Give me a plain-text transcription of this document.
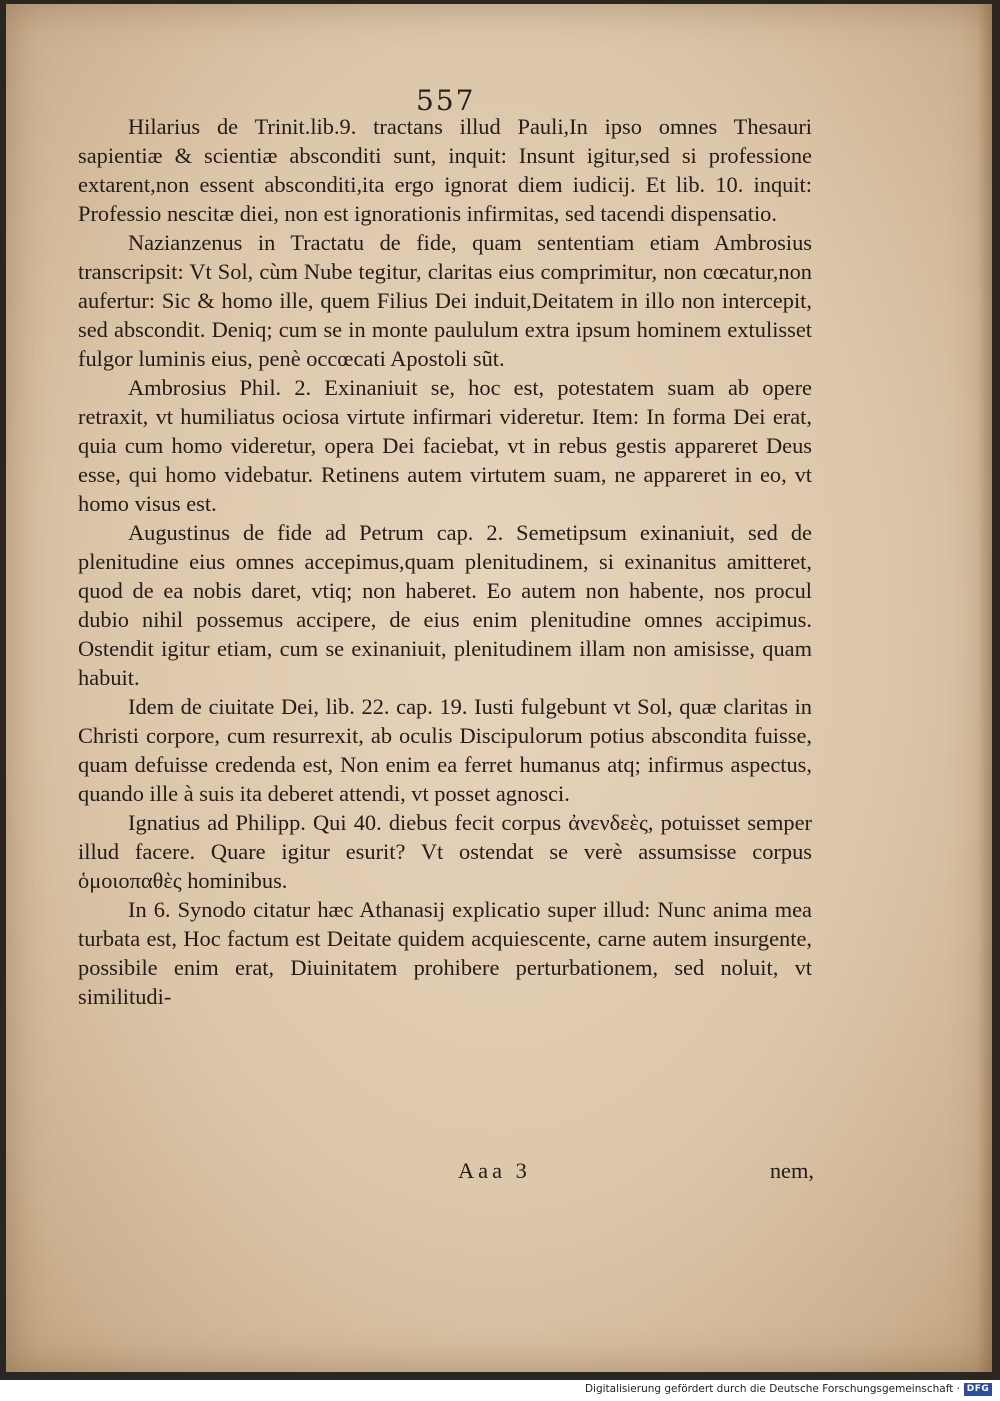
557

Hilarius de Trinit.lib.9. tractans illud Pauli,In ipso omnes Thesauri sapientiæ & scientiæ absconditi sunt, inquit: Insunt igitur,sed si professione extarent,non essent absconditi,ita ergo ignorat diem iudicij. Et lib. 10. inquit: Professio nescitæ diei, non est ignorationis infirmitas, sed tacendi dispensatio.

Nazianzenus in Tractatu de fide, quam sententiam etiam Ambrosius transcripsit: Vt Sol, cùm Nube tegitur, claritas eius comprimitur, non cœcatur,non aufertur: Sic & homo ille, quem Filius Dei induit,Deitatem in illo non intercepit, sed abscondit. Deniq; cum se in monte paululum extra ipsum hominem extulisset fulgor luminis eius, penè occœcati Apostoli sũt.

Ambrosius Phil. 2. Exinaniuit se, hoc est, potestatem suam ab opere retraxit, vt humiliatus ociosa virtute infirmari videretur. Item: In forma Dei erat, quia cum homo videretur, opera Dei faciebat, vt in rebus gestis appareret Deus esse, qui homo videbatur. Retinens autem virtutem suam, ne appareret in eo, vt homo visus est.

Augustinus de fide ad Petrum cap. 2. Semetipsum exinaniuit, sed de plenitudine eius omnes accepimus,quam plenitudinem, si exinanitus amitteret, quod de ea nobis daret, vtiq; non haberet. Eo autem non habente, nos procul dubio nihil possemus accipere, de eius enim plenitudine omnes accipimus. Ostendit igitur etiam, cum se exinaniuit, plenitudinem illam non amisisse, quam habuit.

Idem de ciuitate Dei, lib. 22. cap. 19. Iusti fulgebunt vt Sol, quæ claritas in Christi corpore, cum resurrexit, ab oculis Discipulorum potius abscondita fuisse, quam defuisse credenda est, Non enim ea ferret humanus atq; infirmus aspectus, quando ille à suis ita deberet attendi, vt posset agnosci.

Ignatius ad Philipp. Qui 40. diebus fecit corpus ἀνενδεὲς, potuisset semper illud facere. Quare igitur esurit? Vt ostendat se verè assumsisse corpus ὁμοιοπαθὲς hominibus.

In 6. Synodo citatur hæc Athanasij explicatio super illud: Nunc anima mea turbata est, Hoc factum est Deitate quidem acquiescente, carne autem insurgente, possibile enim erat, Diuinitatem prohibere perturbationem, sed noluit, vt similitudi-

Aaa 3	nem,

Digitalisierung gefördert durch die Deutsche Forschungsgemeinschaft · DFG
